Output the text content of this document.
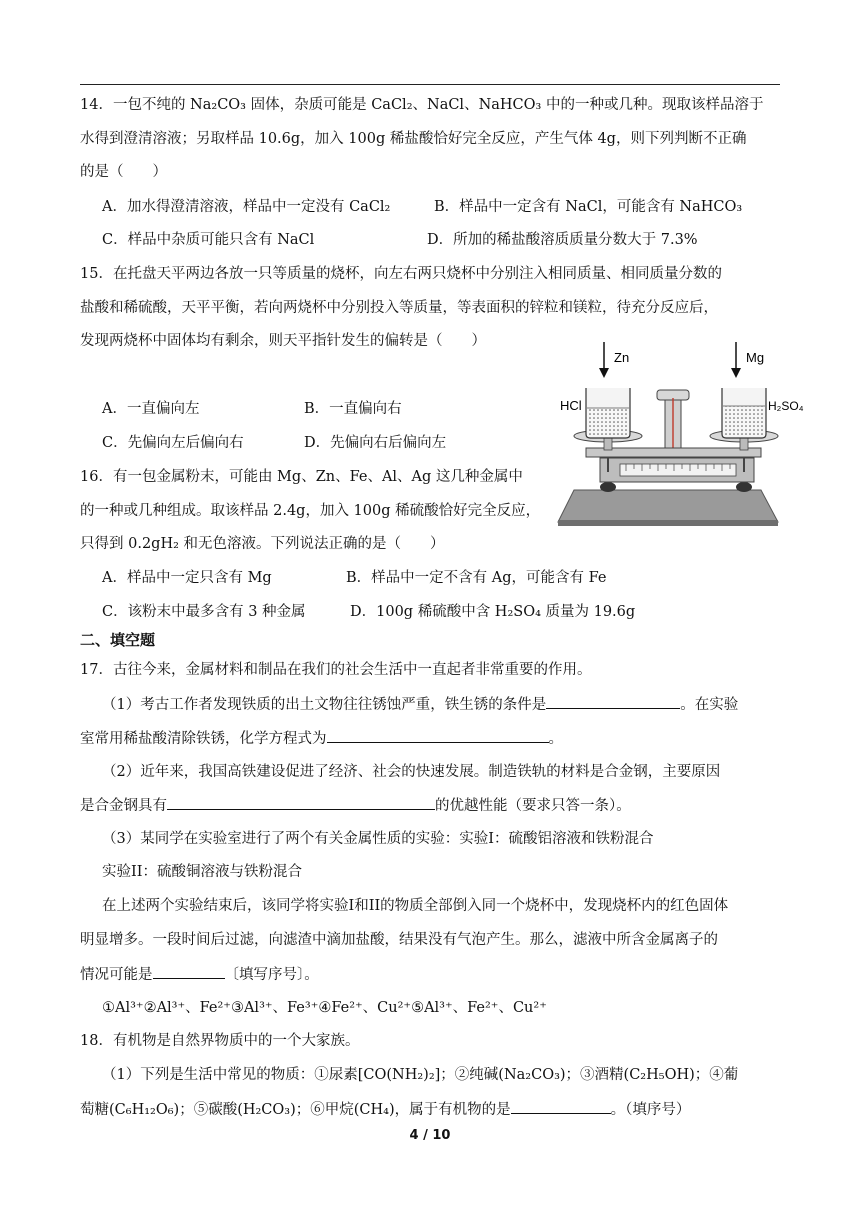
14．一包不纯的 Na₂CO₃ 固体，杂质可能是 CaCl₂、NaCl、NaHCO₃ 中的一种或几种。现取该样品溶于
水得到澄清溶液；另取样品 10.6g，加入 100g 稀盐酸恰好完全反应，产生气体 4g，则下列判断不正确
的是（　　）
A．加水得澄清溶液，样品中一定没有 CaCl₂	B．样品中一定含有 NaCl，可能含有 NaHCO₃
C．样品中杂质可能只含有 NaCl	D．所加的稀盐酸溶质质量分数大于 7.3%
15．在托盘天平两边各放一只等质量的烧杯，向左右两只烧杯中分别注入相同质量、相同质量分数的
盐酸和稀硫酸，天平平衡，若向两烧杯中分别投入等质量，等表面积的锌粒和镁粒，待充分反应后，
发现两烧杯中固体均有剩余，则天平指针发生的偏转是（　　）
A．一直偏向左	B．一直偏向右
C．先偏向左后偏向右	D．先偏向右后偏向左
Zn	Mg
HCl	H₂SO₄
16．有一包金属粉末，可能由 Mg、Zn、Fe、Al、Ag 这几种金属中
的一种或几种组成。取该样品 2.4g，加入 100g 稀硫酸恰好完全反应，
只得到 0.2gH₂ 和无色溶液。下列说法正确的是（　　）
A．样品中一定只含有 Mg	B．样品中一定不含有 Ag，可能含有 Fe
C．该粉末中最多含有 3 种金属	D．100g 稀硫酸中含 H₂SO₄ 质量为 19.6g
二、填空题
17．古往今来，金属材料和制品在我们的社会生活中一直起者非常重要的作用。
（1）考古工作者发现铁质的出土文物往往锈蚀严重，铁生锈的条件是	。在实验
室常用稀盐酸清除铁锈，化学方程式为	。
（2）近年来，我国高铁建设促进了经济、社会的快速发展。制造铁轨的材料是合金钢，主要原因
是合金钢具有	的优越性能（要求只答一条）。
（3）某同学在实验室进行了两个有关金属性质的实验：实验I：硫酸铝溶液和铁粉混合
实验II：硫酸铜溶液与铁粉混合
在上述两个实验结束后，该同学将实验I和II的物质全部倒入同一个烧杯中，发现烧杯内的红色固体
明显增多。一段时间后过滤，向滤渣中滴加盐酸，结果没有气泡产生。那么，滤液中所含金属离子的
情况可能是	〔填写序号〕。
①Al³⁺②Al³⁺、Fe²⁺③Al³⁺、Fe³⁺④Fe²⁺、Cu²⁺⑤Al³⁺、Fe²⁺、Cu²⁺
18．有机物是自然界物质中的一个大家族。
（1）下列是生活中常见的物质：①尿素[CO(NH₂)₂]；②纯碱(Na₂CO₃)；③酒精(C₂H₅OH)；④葡
萄糖(C₆H₁₂O₆)；⑤碳酸(H₂CO₃)；⑥甲烷(CH₄)，属于有机物的是	。（填序号）
4 / 10
